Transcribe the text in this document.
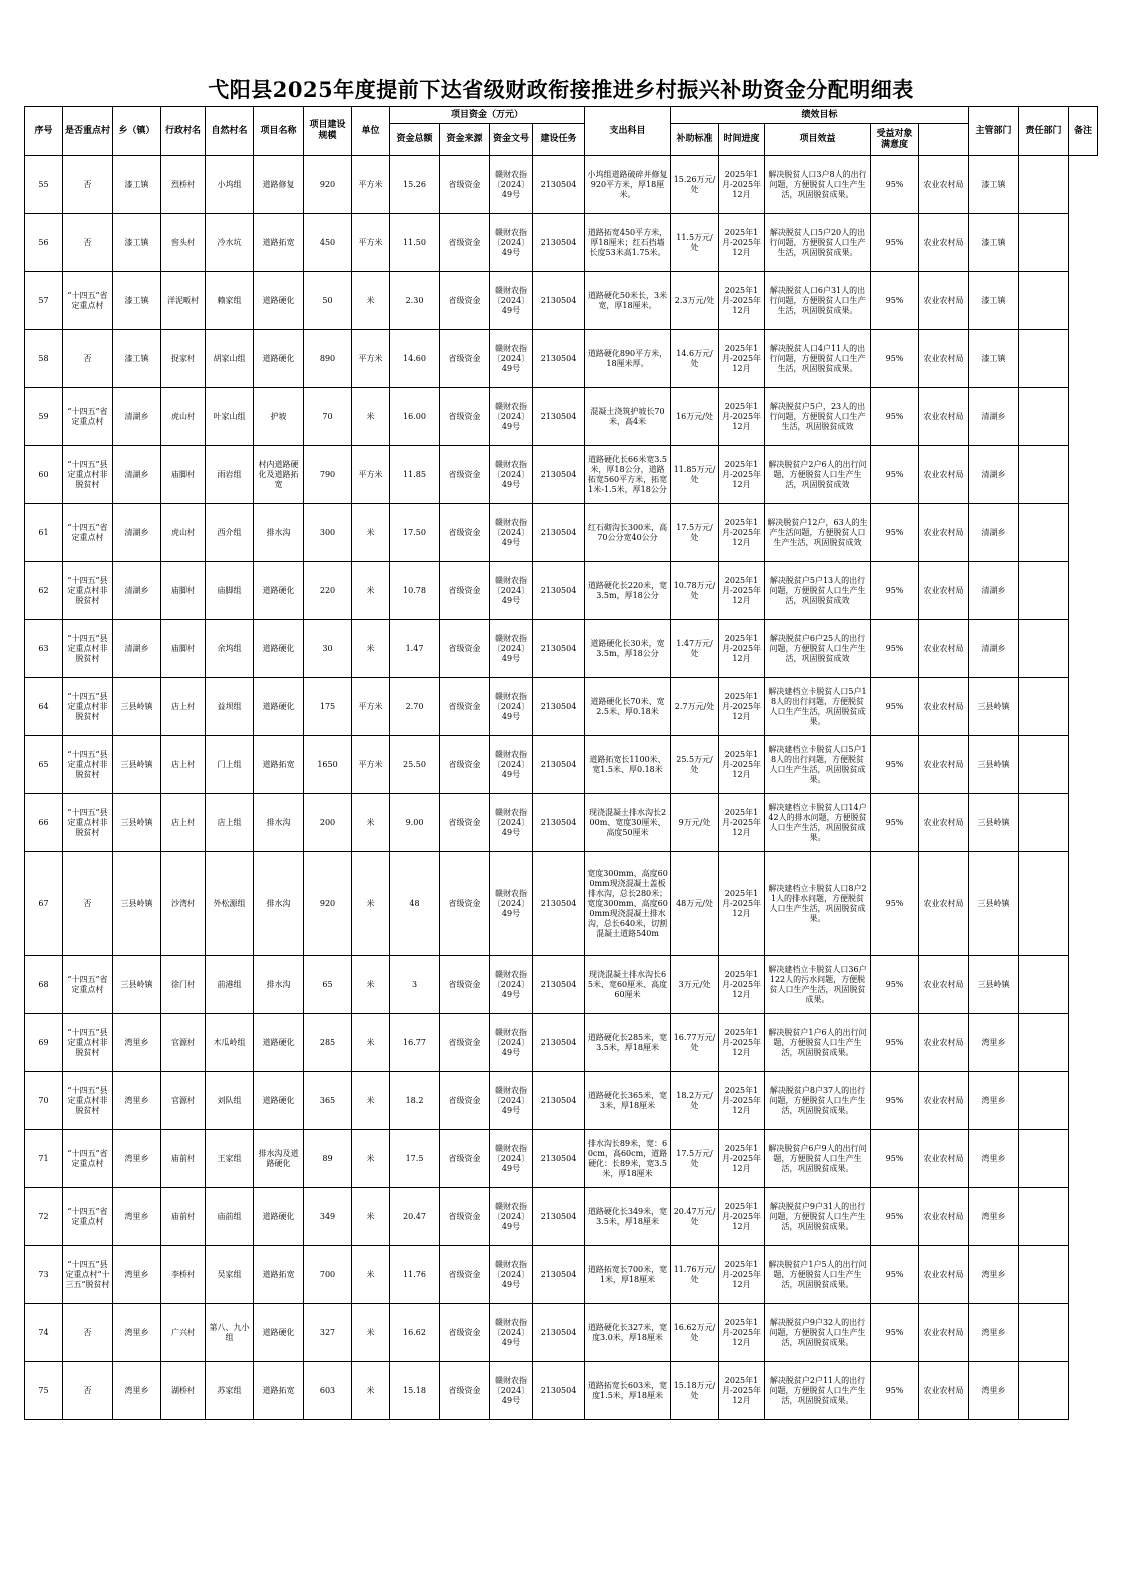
弋阳县2025年度提前下达省级财政衔接推进乡村振兴补助资金分配明细表
序号	是否重点村	乡（镇）	行政村名	自然村名	项目名称	项目建设规模	单位	项目资金（万元）				支出科目	绩效目标					主管部门	责任部门	备注
								资金总额	资金来源	资金文号	建设任务		补助标准	时间进度	项目效益	受益对象满意度				
55	否	漆工镇	烈桥村	小坞组	道路修复	920	平方米	15.26	省级资金	赣财农指〔2024〕49号	2130504	小坞组道路破碎并修复920平方米，厚18厘米。	15.26万元/处	2025年1月-2025年12月	解决脱贫人口3户8人的出行问题，方便脱贫人口生产生活，巩固脱贫成果。	95%	农业农村局	漆工镇		
56	否	漆工镇	窖头村	冷水坑	道路拓宽	450	平方米	11.50	省级资金	赣财农指〔2024〕49号	2130504	道路拓宽450平方米，厚18厘米；红石挡墙长度53米高1.75米。	11.5万元/处	2025年1月-2025年12月	解决脱贫人口5户20人的出行问题，方便脱贫人口生产生活，巩固脱贫成果。	95%	农业农村局	漆工镇		
57	“十四五”省定重点村	漆工镇	洋泥畈村	赖家组	道路硬化	50	米	2.30	省级资金	赣财农指〔2024〕49号	2130504	道路硬化50米长，3米宽，厚18厘米。	2.3万元/处	2025年1月-2025年12月	解决脱贫人口6户31人的出行问题，方便脱贫人口生产生活，巩固脱贫成果。	95%	农业农村局	漆工镇		
58	否	漆工镇	捉家村	胡家山组	道路硬化	890	平方米	14.60	省级资金	赣财农指〔2024〕49号	2130504	道路硬化890平方米，18厘米厚。	14.6万元/处	2025年1月-2025年12月	解决脱贫人口4户11人的出行问题，方便脱贫人口生产生活，巩固脱贫成果。	95%	农业农村局	漆工镇		
59	“十四五”省定重点村	清湖乡	虎山村	叶家山组	护坡	70	米	16.00	省级资金	赣财农指〔2024〕49号	2130504	混凝土浇筑护坡长70米，高4米	16万元/处	2025年1月-2025年12月	解决脱贫户5户，23人的出行问题，方便脱贫人口生产生活，巩固脱贫成效	95%	农业农村局	清湖乡		
60	“十四五”县定重点村非脱贫村	清湖乡	庙脚村	雨岩组	村内道路硬化及道路拓宽	790	平方米	11.85	省级资金	赣财农指〔2024〕49号	2130504	道路硬化长66米宽3.5米，厚18公分，道路拓宽560平方米，拓宽1米-1.5米，厚18公分	11.85万元/处	2025年1月-2025年12月	解决脱贫户2户6人的出行问题，方便脱贫人口生产生活，巩固脱贫成效	95%	农业农村局	清湖乡		
61	“十四五”省定重点村	清湖乡	虎山村	西介组	排水沟	300	米	17.50	省级资金	赣财农指〔2024〕49号	2130504	红石砌沟长300米，高70公分宽40公分	17.5万元/处	2025年1月-2025年12月	解决脱贫户12户，63人的生产生活问题，方便脱贫人口生产生活，巩固脱贫成效	95%	农业农村局	清湖乡		
62	“十四五”县定重点村非脱贫村	清湖乡	庙脚村	庙脚组	道路硬化	220	米	10.78	省级资金	赣财农指〔2024〕49号	2130504	道路硬化长220米，宽3.5m，厚18公分	10.78万元/处	2025年1月-2025年12月	解决脱贫户5户13人的出行问题，方便脱贫人口生产生活，巩固脱贫成效	95%	农业农村局	清湖乡		
63	“十四五”县定重点村非脱贫村	清湖乡	庙脚村	余坞组	道路硬化	30	米	1.47	省级资金	赣财农指〔2024〕49号	2130504	道路硬化长30米，宽3.5m，厚18公分	1.47万元/处	2025年1月-2025年12月	解决脱贫户6户25人的出行问题，方便脱贫人口生产生活，巩固脱贫成效	95%	农业农村局	清湖乡		
64	“十四五”县定重点村非脱贫村	三县岭镇	店上村	益坝组	道路硬化	175	平方米	2.70	省级资金	赣财农指〔2024〕49号	2130504	道路硬化长70米、宽2.5米、厚0.18米	2.7万元/处	2025年1月-2025年12月	解决建档立卡脱贫人口5户18人的出行问题，方便脱贫人口生产生活，巩固脱贫成果。	95%	农业农村局	三县岭镇		
65	“十四五”县定重点村非脱贫村	三县岭镇	店上村	门上组	道路拓宽	1650	平方米	25.50	省级资金	赣财农指〔2024〕49号	2130504	道路拓宽长1100米、宽1.5米、厚0.18米	25.5万元/处	2025年1月-2025年12月	解决建档立卡脱贫人口5户18人的出行问题，方便脱贫人口生产生活，巩固脱贫成果。	95%	农业农村局	三县岭镇		
66	“十四五”县定重点村非脱贫村	三县岭镇	店上村	店上组	排水沟	200	米	9.00	省级资金	赣财农指〔2024〕49号	2130504	现浇混凝土排水沟长200m、宽度30厘米、高度50厘米	9万元/处	2025年1月-2025年12月	解决建档立卡脱贫人口14户42人的排水问题，方便脱贫人口生产生活，巩固脱贫成果。	95%	农业农村局	三县岭镇		
67	否	三县岭镇	沙湾村	外松源组	排水沟	920	米	48	省级资金	赣财农指〔2024〕49号	2130504	宽度300mm、高度600mm现浇混凝土盖板排水沟，总长280米；宽度300mm、高度600mm现浇混凝土排水沟，总长640米，切割混凝土道路540m	48万元/处	2025年1月-2025年12月	解决建档立卡脱贫人口8户21人的排水问题，方便脱贫人口生产生活，巩固脱贫成果。	95%	农业农村局	三县岭镇		
68	“十四五”省定重点村	三县岭镇	徐门村	前港组	排水沟	65	米	3	省级资金	赣财农指〔2024〕49号	2130504	现浇混凝土排水沟长65米、宽60厘米、高度60厘米	3万元/处	2025年1月-2025年12月	解决建档立卡脱贫人口36户122人的污水问题，方便脱贫人口生产生活，巩固脱贫成果。	95%	农业农村局	三县岭镇		
69	“十四五”县定重点村非脱贫村	湾里乡	官源村	木瓜岭组	道路硬化	285	米	16.77	省级资金	赣财农指〔2024〕49号	2130504	道路硬化长285米，宽3.5米，厚18厘米	16.77万元/处	2025年1月-2025年12月	解决脱贫户1户6人的出行问题，方便脱贫人口生产生活，巩固脱贫成果。	95%	农业农村局	湾里乡		
70	“十四五”县定重点村非脱贫村	湾里乡	官源村	刘队组	道路硬化	365	米	18.2	省级资金	赣财农指〔2024〕49号	2130504	道路硬化长365米，宽3米，厚18厘米	18.2万元/处	2025年1月-2025年12月	解决脱贫户8户37人的出行问题，方便脱贫人口生产生活，巩固脱贫成果。	95%	农业农村局	湾里乡		
71	“十四五”省定重点村	湾里乡	庙前村	王家组	排水沟及道路硬化	89	米	17.5	省级资金	赣财农指〔2024〕49号	2130504	排水沟长89米，宽：60cm，高60cm，道路硬化：长89米，宽3.5米，厚18厘米	17.5万元/处	2025年1月-2025年12月	解决脱贫户6户9人的出行问题，方便脱贫人口生产生活，巩固脱贫成果。	95%	农业农村局	湾里乡		
72	“十四五”省定重点村	湾里乡	庙前村	庙前组	道路硬化	349	米	20.47	省级资金	赣财农指〔2024〕49号	2130504	道路硬化长349米，宽3.5米，厚18厘米	20.47万元/处	2025年1月-2025年12月	解决脱贫户9户31人的出行问题，方便脱贫人口生产生活，巩固脱贫成果。	95%	农业农村局	湾里乡		
73	“十四五”县定重点村“十三五”脱贫村	湾里乡	李桥村	吴家组	道路拓宽	700	米	11.76	省级资金	赣财农指〔2024〕49号	2130504	道路拓宽长700米，宽1米，厚18厘米	11.76万元/处	2025年1月-2025年12月	解决脱贫户1户5人的出行问题，方便脱贫人口生产生活，巩固脱贫成果。	95%	农业农村局	湾里乡		
74	否	湾里乡	广兴村	第八、九小组	道路硬化	327	米	16.62	省级资金	赣财农指〔2024〕49号	2130504	道路硬化长327米，宽度3.0米，厚18厘米	16.62万元/处	2025年1月-2025年12月	解决脱贫户9户32人的出行问题，方便脱贫人口生产生活，巩固脱贫成果。	95%	农业农村局	湾里乡		
75	否	湾里乡	湖桥村	苏家组	道路拓宽	603	米	15.18	省级资金	赣财农指〔2024〕49号	2130504	道路拓宽长603米，宽度1.5米，厚18厘米	15.18万元/处	2025年1月-2025年12月	解决脱贫户2户11人的出行问题，方便脱贫人口生产生活，巩固脱贫成果。	95%	农业农村局	湾里乡		
